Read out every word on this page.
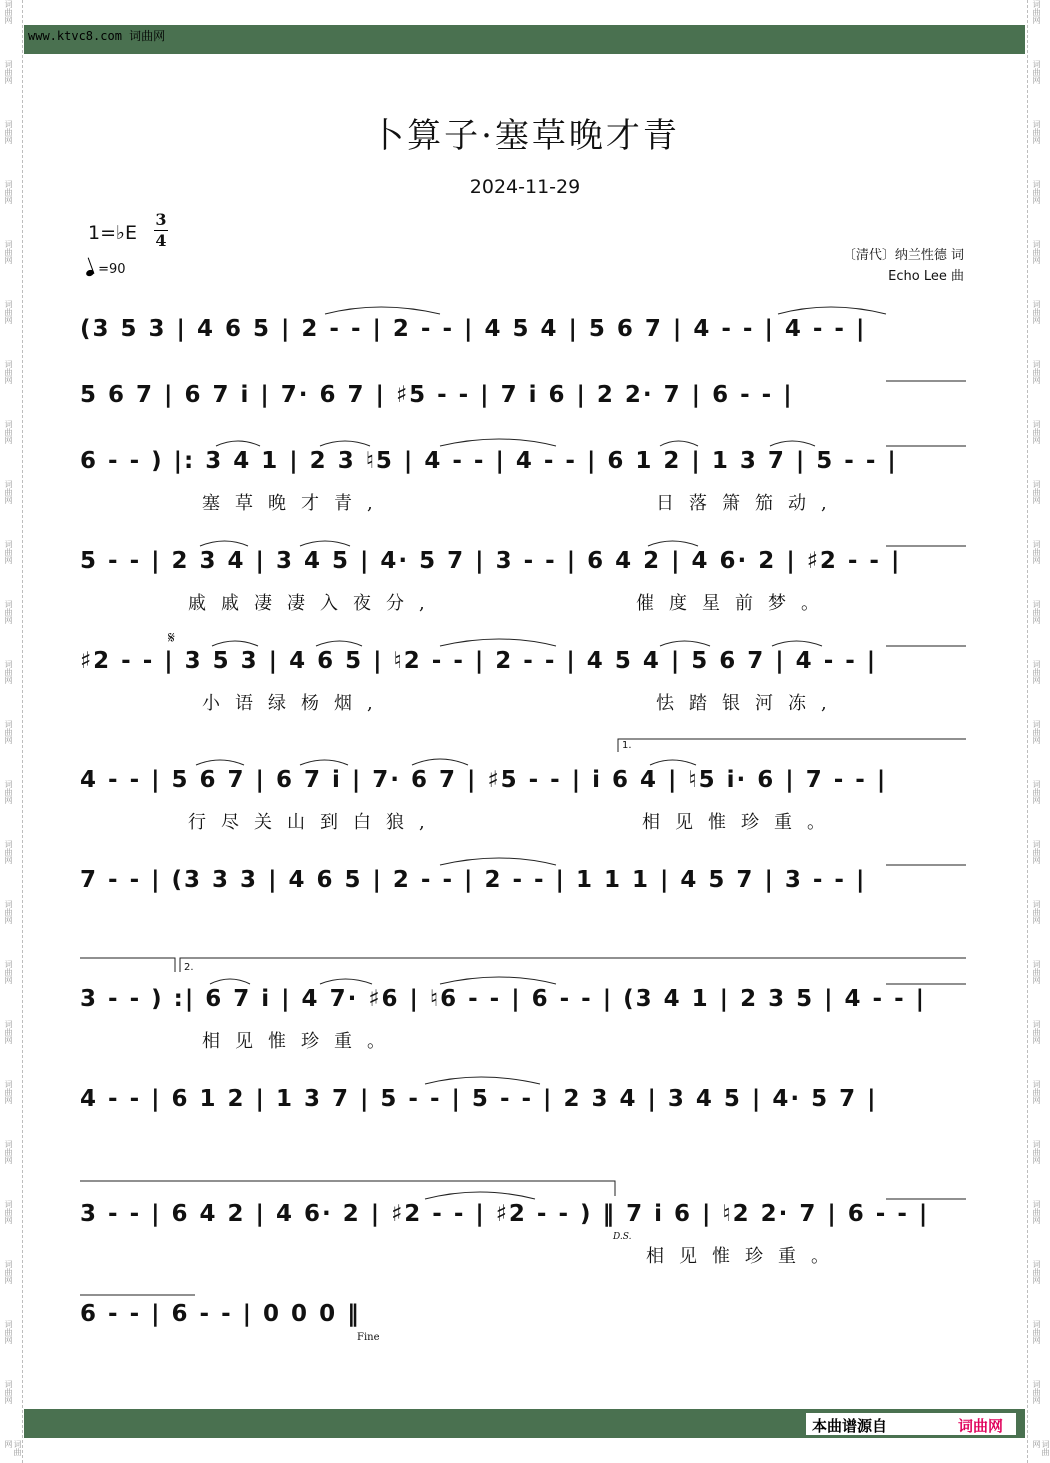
词曲网
词曲网
词曲网
词曲网
词曲网
词曲网
词曲网
词曲网
词曲网
词曲网
词曲网
词曲网
词曲网
词曲网
词曲网
词曲网
词曲网
词曲网
词曲网
词曲网
词曲网
词曲网
词曲网
词曲网
词曲网
词曲网
词曲网
词曲网
词曲网
词曲网
词曲网
词曲网
词曲网
词曲网
词曲网
词曲网
词曲网
词曲网
词曲网
词曲网
词曲网
词曲网
词曲网
词曲网
词曲网
词曲网
词曲网
词曲网
词曲网
词曲网
www.ktvc8.com 词曲网
卜算子·塞草晚才青
2024-11-29
1=♭E $\frac{3}{4}$
=90
〔清代〕纳兰性德 词
Echo Lee 曲
(3 5 3 | 4 6 5 | 2 - - | 2 - - | 4 5 4 | 5 6 7 | 4 - - | 4 - - |
5 6 7 | 6 7 i | 7· 6 7 | ♯5 - - | 7 i 6 | 2 2· 7 | 6 - - |
6 - - ) |: 3 4 1 | 2 3 ♮5 | 4 - - | 4 - - | 6 1 2 | 1 3 7 | 5 - - |
5 - - | 2 3 4 | 3 4 5 | 4· 5 7 | 3 - - | 6 4 2 | 4 6· 2 | ♯2 - - |
♯2 - - | 3 5 3 | 4 6 5 | ♮2 - - | 2 - - | 4 5 4 | 5 6 7 | 4 - - |
4 - - | 5 6 7 | 6 7 i | 7· 6 7 | ♯5 - - | i 6 4 | ♮5 i· 6 | 7 - - |
7 - - | (3 3 3 | 4 6 5 | 2 - - | 2 - - | 1 1 1 | 4 5 7 | 3 - - |
3 - - ) :| 6 7 i | 4 7· ♯6 | ♮6 - - | 6 - - | (3 4 1 | 2 3 5 | 4 - - |
4 - - | 6 1 2 | 1 3 7 | 5 - - | 5 - - | 2 3 4 | 3 4 5 | 4· 5 7 |
3 - - | 6 4 2 | 4 6· 2 | ♯2 - - | ♯2 - - ) ‖ 7 i 6 | ♮2 2· 7 | 6 - - |
6 - - | 6 - - | 0 0 0 ‖
塞草晚才青,	日落箫笳动,
戚戚凄凄入夜分,	催度星前梦。
小语绿杨烟,	怯踏银河冻,
行尽关山到白狼,	相见惟珍重。
相见惟珍重。
相见惟珍重。
𝄋
1.
2.
D.S.
Fine
本曲谱源自	词曲网
